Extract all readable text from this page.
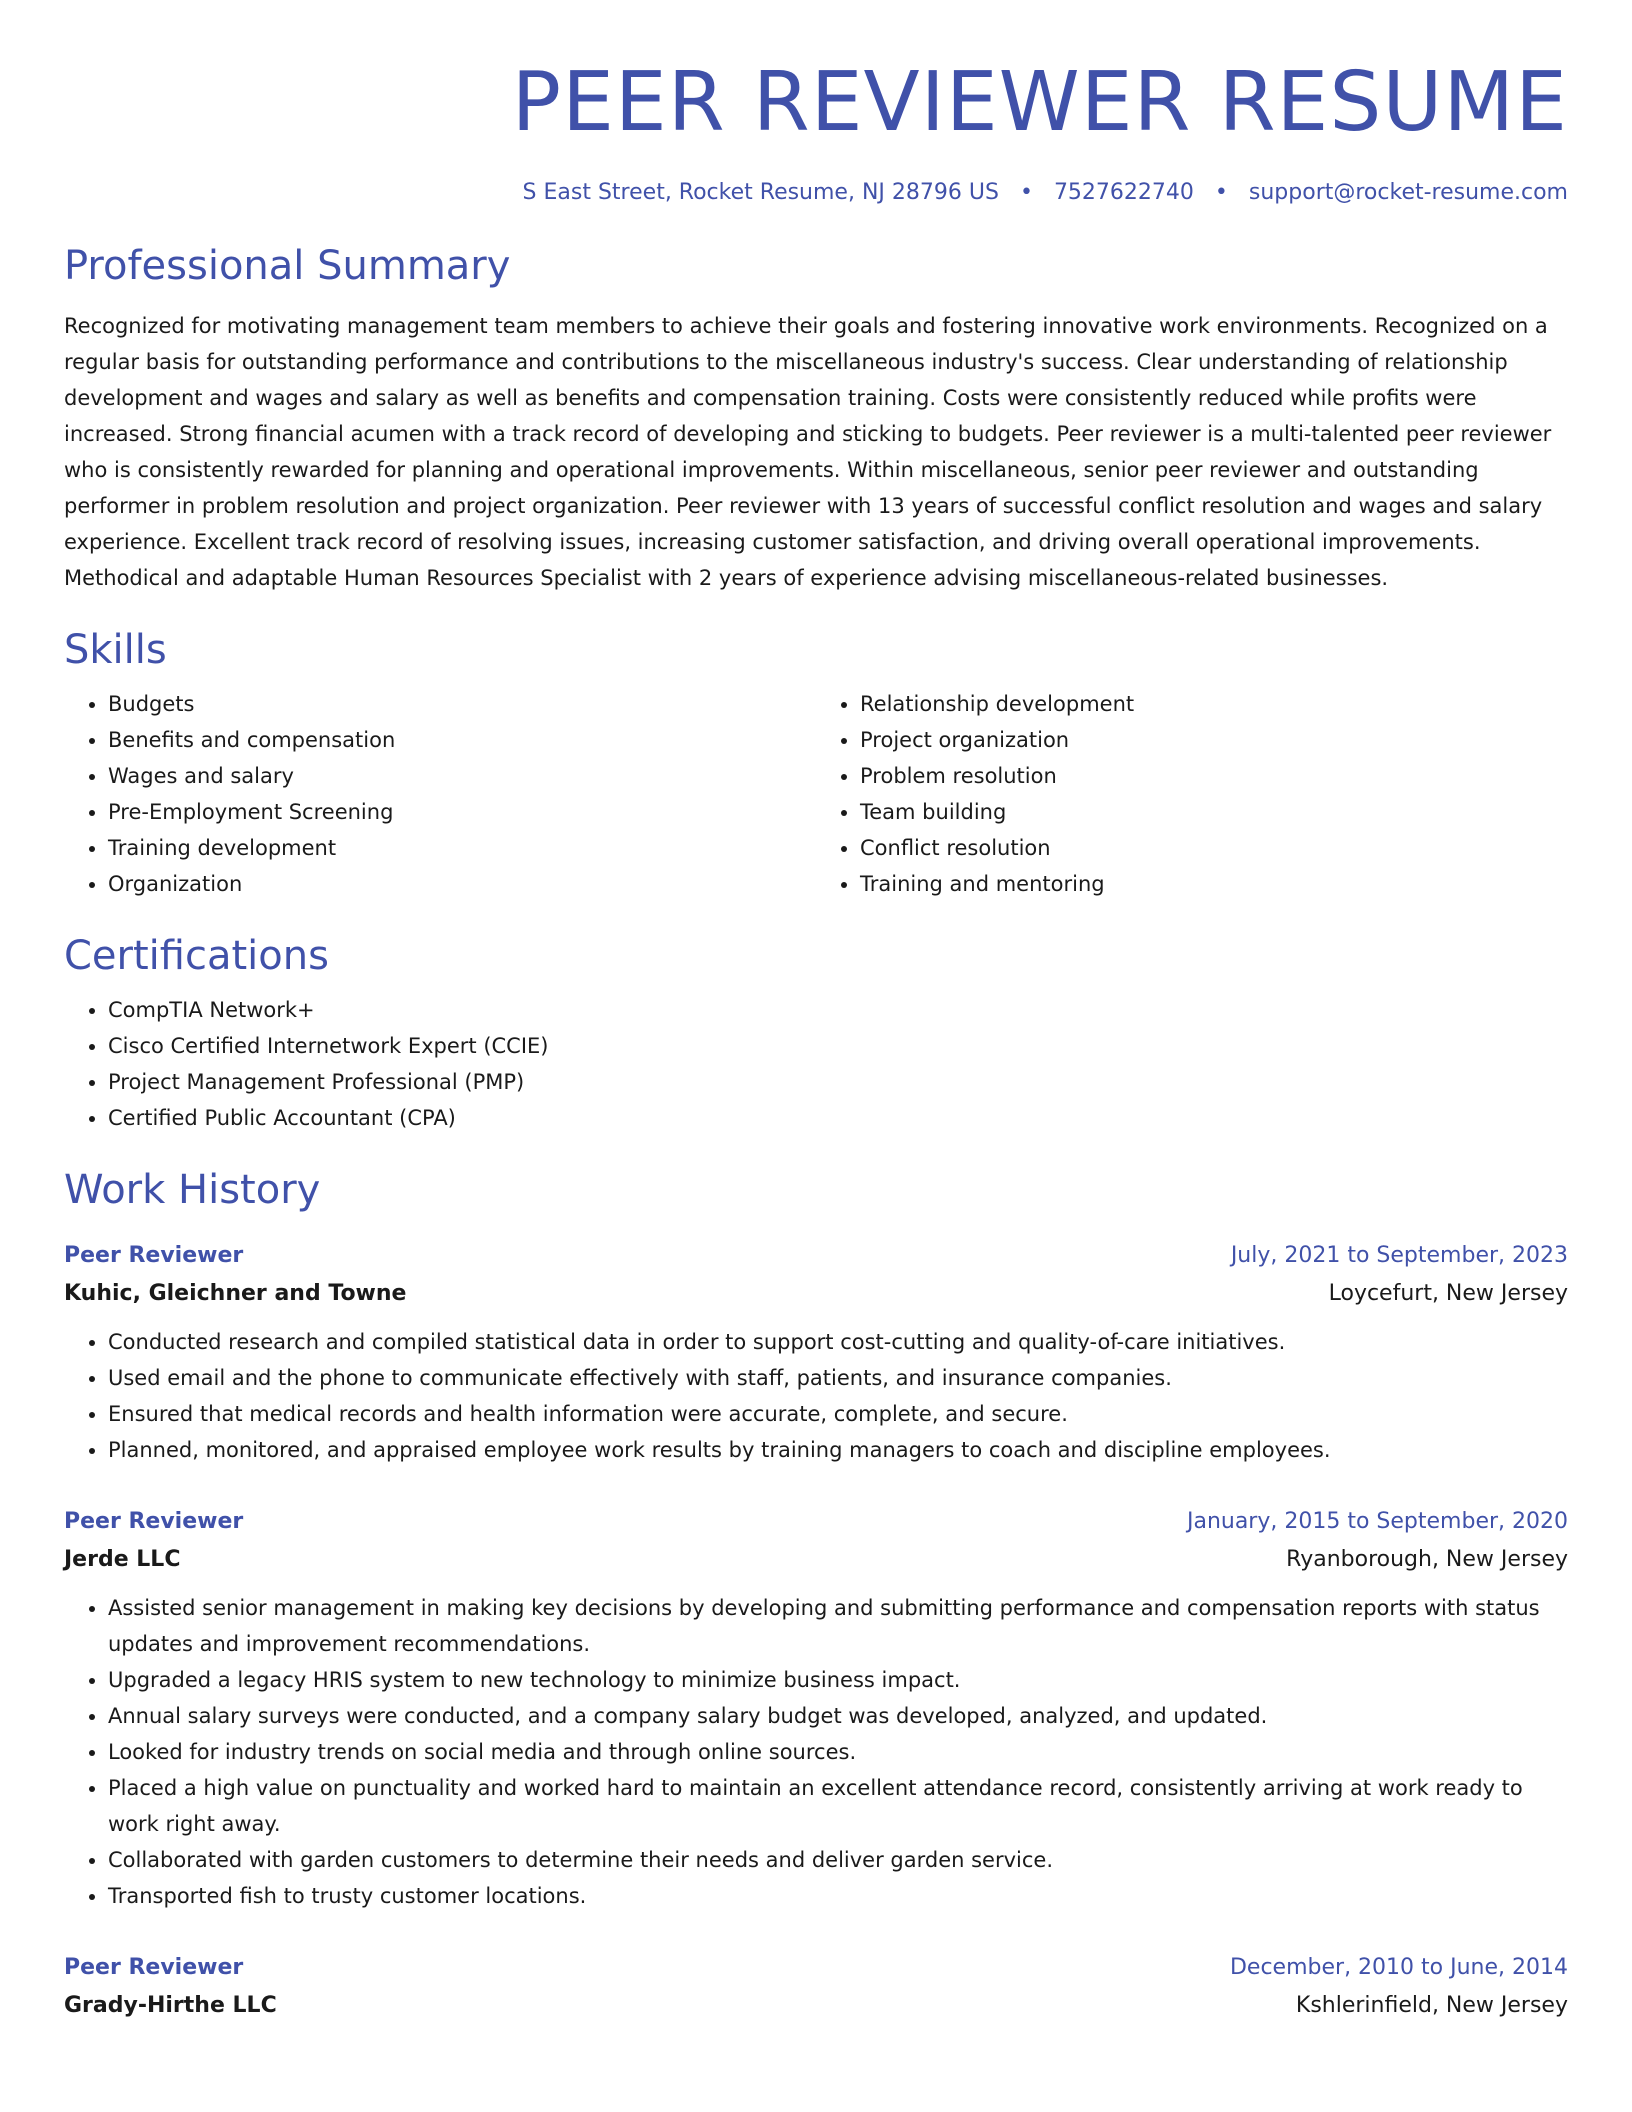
PEER REVIEWER RESUME
S East Street, Rocket Resume, NJ 28796 US • 7527622740 • support@rocket-resume.com
Professional Summary

Recognized for motivating management team members to achieve their goals and fostering innovative work environments. Recognized on a regular basis for outstanding performance and contributions to the miscellaneous industry's success. Clear understanding of relationship development and wages and salary as well as benefits and compensation training. Costs were consistently reduced while profits were increased. Strong financial acumen with a track record of developing and sticking to budgets. Peer reviewer is a multi-talented peer reviewer who is consistently rewarded for planning and operational improvements. Within miscellaneous, senior peer reviewer and outstanding performer in problem resolution and project organization. Peer reviewer with 13 years of successful conflict resolution and wages and salary experience. Excellent track record of resolving issues, increasing customer satisfaction, and driving overall operational improvements. Methodical and adaptable Human Resources Specialist with 2 years of experience advising miscellaneous-related businesses.

Skills
• Budgets
• Benefits and compensation
• Wages and salary
• Pre-Employment Screening
• Training development
• Organization
• Relationship development
• Project organization
• Problem resolution
• Team building
• Conflict resolution
• Training and mentoring
Certifications
• CompTIA Network+
• Cisco Certified Internetwork Expert (CCIE)
• Project Management Professional (PMP)
• Certified Public Accountant (CPA)
Work History
Peer Reviewer	July, 2021 to September, 2023
Kuhic, Gleichner and Towne	Loycefurt, New Jersey
• Conducted research and compiled statistical data in order to support cost-cutting and quality-of-care initiatives.
• Used email and the phone to communicate effectively with staff, patients, and insurance companies.
• Ensured that medical records and health information were accurate, complete, and secure.
• Planned, monitored, and appraised employee work results by training managers to coach and discipline employees.
Peer Reviewer	January, 2015 to September, 2020
Jerde LLC	Ryanborough, New Jersey
• Assisted senior management in making key decisions by developing and submitting performance and compensation reports with status updates and improvement recommendations.
• Upgraded a legacy HRIS system to new technology to minimize business impact.
• Annual salary surveys were conducted, and a company salary budget was developed, analyzed, and updated.
• Looked for industry trends on social media and through online sources.
• Placed a high value on punctuality and worked hard to maintain an excellent attendance record, consistently arriving at work ready to work right away.
• Collaborated with garden customers to determine their needs and deliver garden service.
• Transported fish to trusty customer locations.
Peer Reviewer	December, 2010 to June, 2014
Grady-Hirthe LLC	Kshlerinfield, New Jersey
